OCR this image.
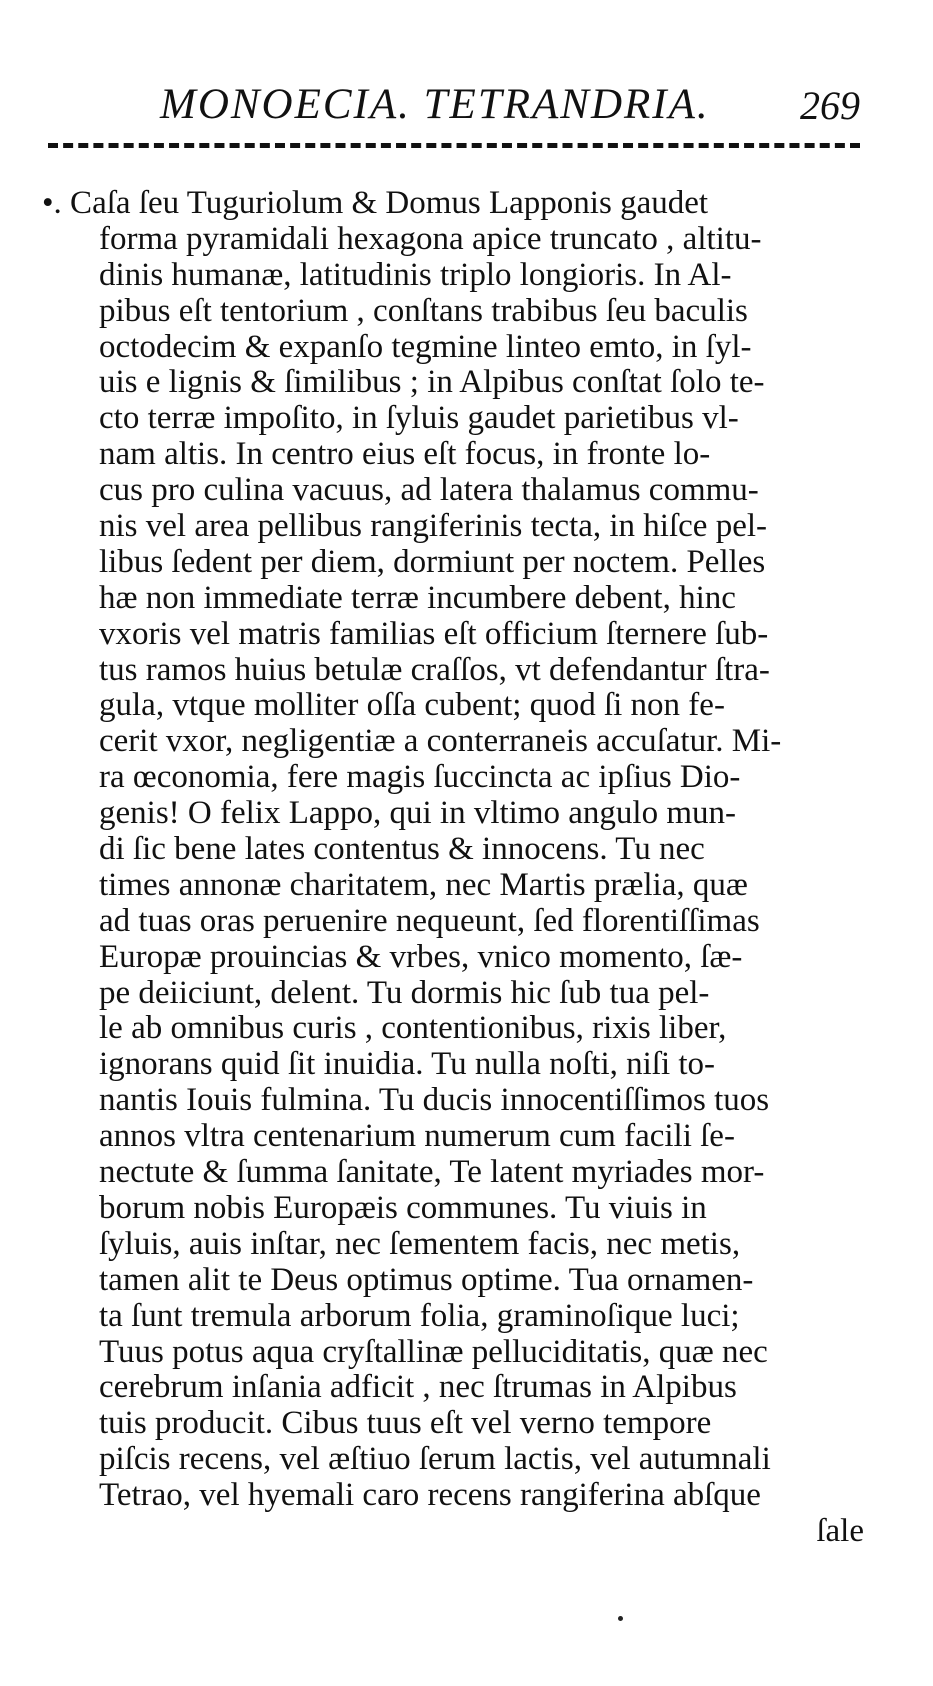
MONOECIA. TETRANDRIA. 269
•. Caſa ſeu Tuguriolum & Domus Lapponis gaudet
forma pyramidali hexagona apice truncato , altitu-
dinis humanæ, latitudinis triplo longioris. In Al-
pibus eſt tentorium , conſtans trabibus ſeu baculis
octodecim & expanſo tegmine linteo emto, in ſyl-
uis e lignis & ſimilibus ; in Alpibus conſtat ſolo te-
cto terræ impoſito, in ſyluis gaudet parietibus vl-
nam altis. In centro eius eſt focus, in fronte lo-
cus pro culina vacuus, ad latera thalamus commu-
nis vel area pellibus rangiferinis tecta, in hiſce pel-
libus ſedent per diem, dormiunt per noctem. Pelles
hæ non immediate terræ incumbere debent, hinc
vxoris vel matris familias eſt officium ſternere ſub-
tus ramos huius betulæ craſſos, vt defendantur ſtra-
gula, vtque molliter oſſa cubent; quod ſi non fe-
cerit vxor, negligentiæ a conterraneis accuſatur. Mi-
ra œconomia, fere magis ſuccincta ac ipſius Dio-
genis! O felix Lappo, qui in vltimo angulo mun-
di ſic bene lates contentus & innocens. Tu nec
times annonæ charitatem, nec Martis prælia, quæ
ad tuas oras peruenire nequeunt, ſed florentiſſimas
Europæ prouincias & vrbes, vnico momento, ſæ-
pe deiiciunt, delent. Tu dormis hic ſub tua pel-
le ab omnibus curis , contentionibus, rixis liber,
ignorans quid ſit inuidia. Tu nulla noſti, niſi to-
nantis Iouis fulmina. Tu ducis innocentiſſimos tuos
annos vltra centenarium numerum cum facili ſe-
nectute & ſumma ſanitate, Te latent myriades mor-
borum nobis Europæis communes. Tu viuis in
ſyluis, auis inſtar, nec ſementem facis, nec metis,
tamen alit te Deus optimus optime. Tua ornamen-
ta ſunt tremula arborum folia, graminoſique luci;
Tuus potus aqua cryſtallinæ pelluciditatis, quæ nec
cerebrum inſania adficit , nec ſtrumas in Alpibus
tuis producit. Cibus tuus eſt vel verno tempore
piſcis recens, vel æſtiuo ſerum lactis, vel autumnali
Tetrao, vel hyemali caro recens rangiferina abſque
ſale
